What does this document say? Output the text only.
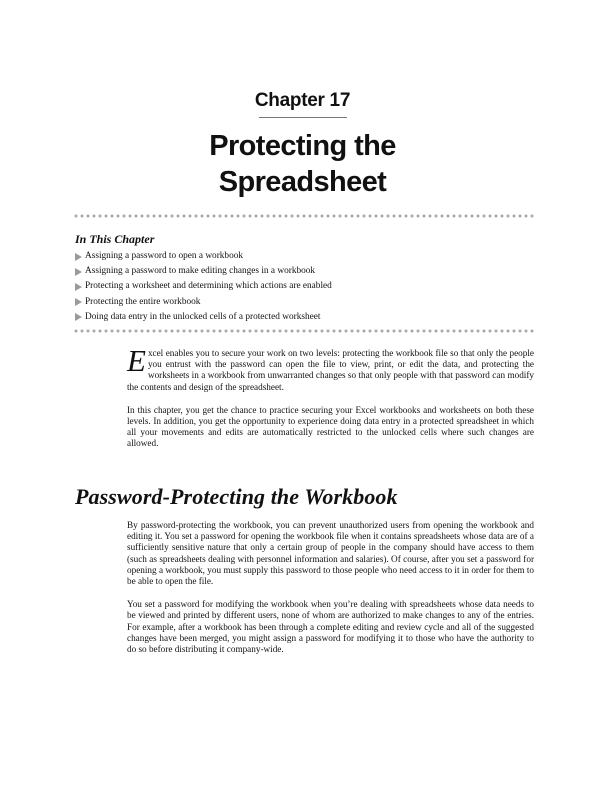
Chapter 17
Protecting the
Spreadsheet
In This Chapter
Assigning a password to open a workbook
Assigning a password to make editing changes in a workbook
Protecting a worksheet and determining which actions are enabled
Protecting the entire workbook
Doing data entry in the unlocked cells of a protected worksheet

Excel enables you to secure your work on two levels: protecting the workbook file so that only the people you entrust with the password can open the file to view, print, or edit the data, and protecting the worksheets in a workbook from unwarranted changes so that only people with that password can modify the contents and design of the spreadsheet.

In this chapter, you get the chance to practice securing your Excel workbooks and worksheets on both these levels. In addition, you get the opportunity to experience doing data entry in a protected spreadsheet in which all your movements and edits are automatically restricted to the unlocked cells where such changes are allowed.

Password-Protecting the Workbook

By password-protecting the workbook, you can prevent unauthorized users from opening the workbook and editing it. You set a password for opening the workbook file when it contains spreadsheets whose data are of a sufficiently sensitive nature that only a certain group of people in the company should have access to them (such as spreadsheets dealing with personnel information and salaries). Of course, after you set a password for opening a workbook, you must supply this password to those people who need access to it in order for them to be able to open the file.

You set a password for modifying the workbook when you’re dealing with spreadsheets whose data needs to be viewed and printed by different users, none of whom are authorized to make changes to any of the entries. For example, after a workbook has been through a complete editing and review cycle and all of the suggested changes have been merged, you might assign a password for modifying it to those who have the authority to do so before distributing it company-wide.
